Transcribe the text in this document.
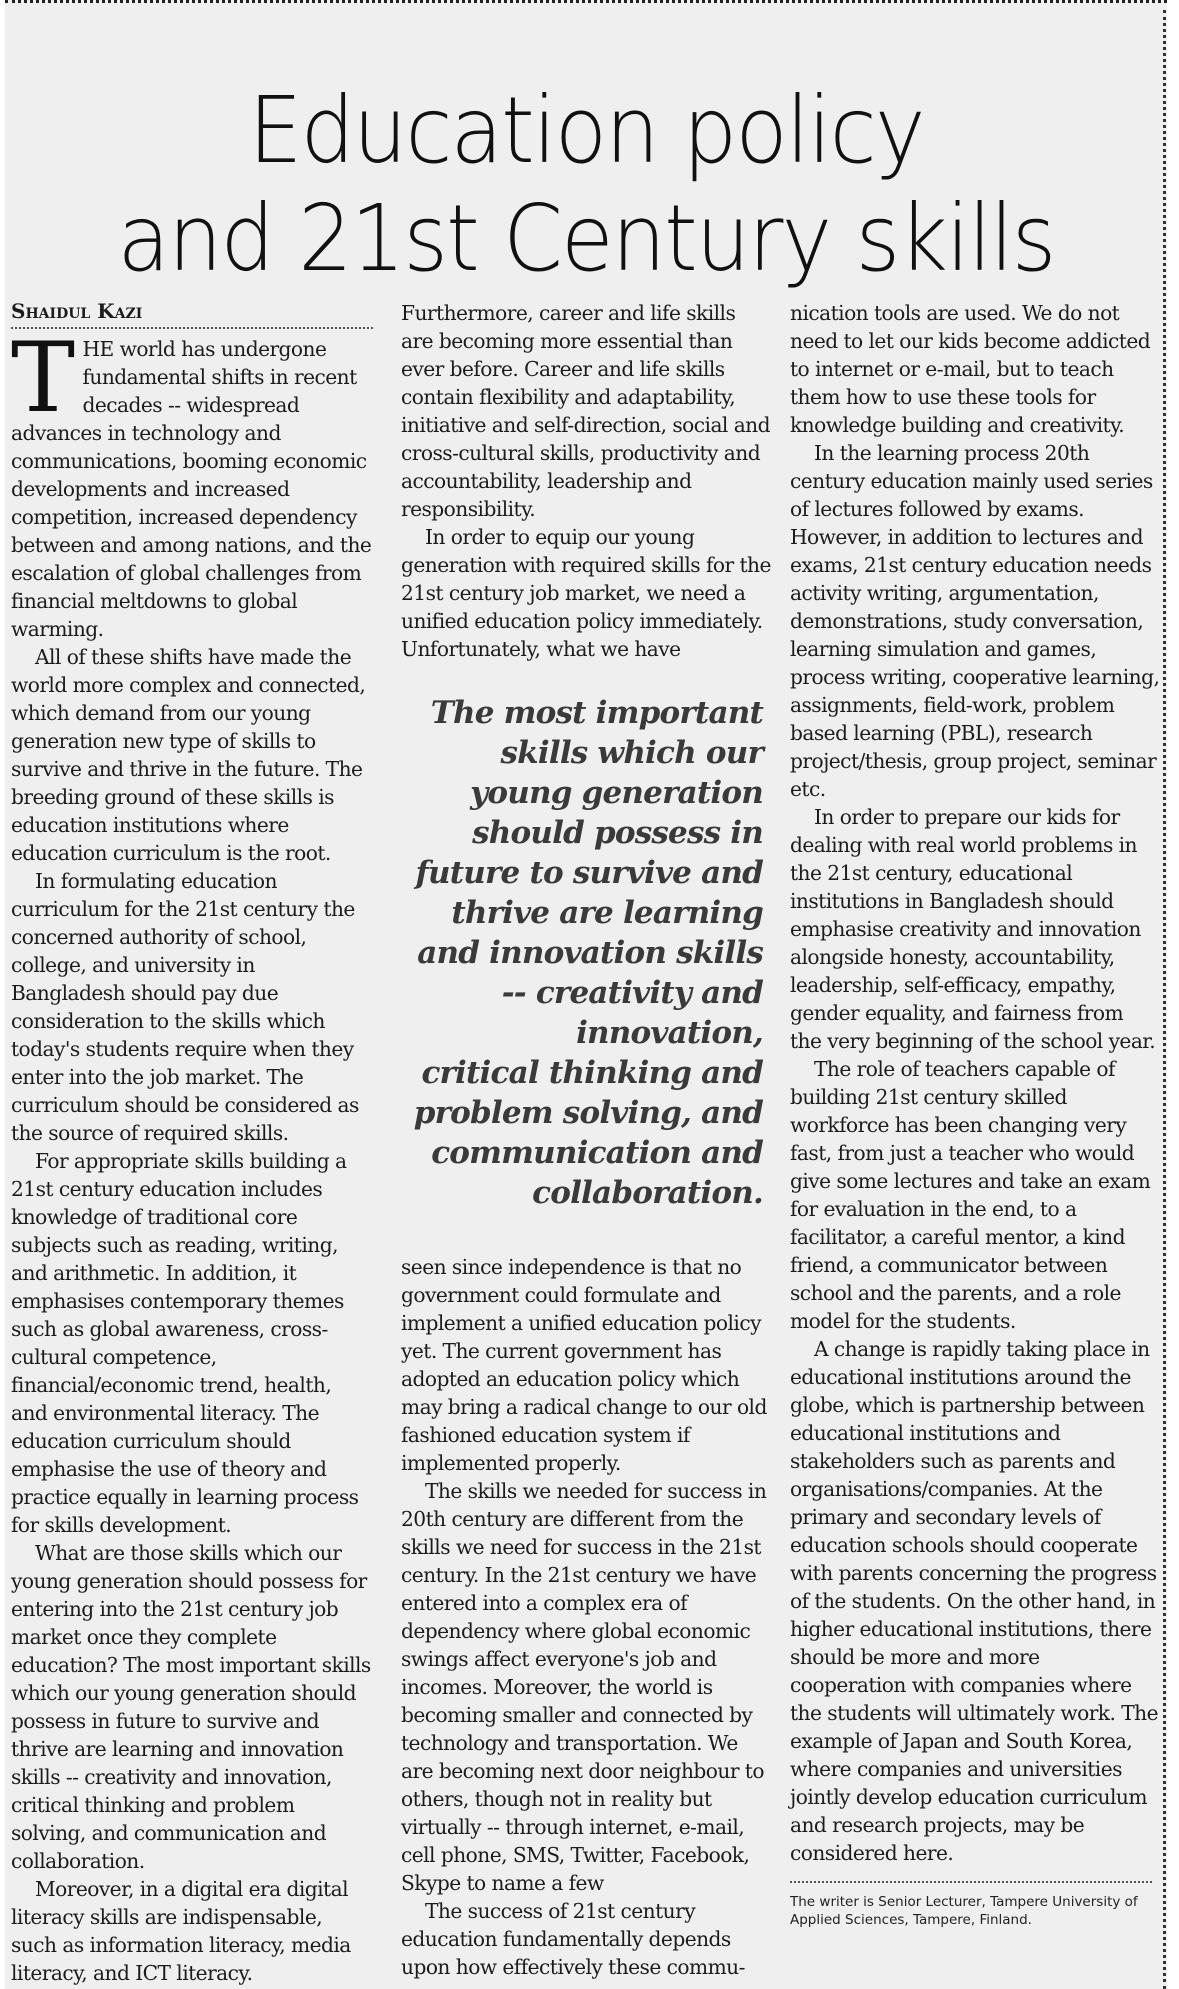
Education policy
and 21st Century skills
Shaidul Kazi

THE world has undergone fundamental shifts in recent decades -- widespread advances in technology and communications, booming economic developments and increased competition, increased dependency between and among nations, and the escalation of global challenges from financial meltdowns to global warming.

All of these shifts have made the world more complex and connected, which demand from our young generation new type of skills to survive and thrive in the future. The breeding ground of these skills is education institutions where education curriculum is the root.

In formulating education curriculum for the 21st century the concerned authority of school, college, and university in Bangladesh should pay due consideration to the skills which today's students require when they enter into the job market. The curriculum should be considered as the source of required skills.

For appropriate skills building a 21st century education includes knowledge of traditional core subjects such as reading, writing, and arithmetic. In addition, it emphasises contemporary themes such as global awareness, cross-cultural competence, financial/economic trend, health, and environmental literacy. The education curriculum should emphasise the use of theory and practice equally in learning process for skills development.

What are those skills which our young generation should possess for entering into the 21st century job market once they complete education? The most important skills which our young generation should possess in future to survive and thrive are learning and innovation skills -- creativity and innovation, critical thinking and problem solving, and communication and collaboration.

Moreover, in a digital era digital literacy skills are indispensable, such as information literacy, media literacy, and ICT literacy.

Furthermore, career and life skills are becoming more essential than ever before. Career and life skills contain flexibility and adaptability, initiative and self-direction, social and cross-cultural skills, productivity and accountability, leadership and responsibility.

In order to equip our young generation with required skills for the 21st century job market, we need a unified education policy immediately. Unfortunately, what we have

The most important
skills which our
young generation
should possess in
future to survive and
thrive are learning
and innovation skills
-- creativity and
innovation,
critical thinking and
problem solving, and
communication and
collaboration.

seen since independence is that no government could formulate and implement a unified education policy yet. The current government has adopted an education policy which may bring a radical change to our old fashioned education system if implemented properly.

The skills we needed for success in 20th century are different from the skills we need for success in the 21st century. In the 21st century we have entered into a complex era of dependency where global economic swings affect everyone's job and incomes. Moreover, the world is becoming smaller and connected by technology and transportation. We are becoming next door neighbour to others, though not in reality but virtually -- through internet, e-mail, cell phone, SMS, Twitter, Facebook, Skype to name a few

The success of 21st century education fundamentally depends upon how effectively these commu-

nication tools are used. We do not need to let our kids become addicted to internet or e-mail, but to teach them how to use these tools for knowledge building and creativity.

In the learning process 20th century education mainly used series of lectures followed by exams. However, in addition to lectures and exams, 21st century education needs activity writing, argumentation, demonstrations, study conversation, learning simulation and games, process writing, cooperative learning, assignments, field-work, problem based learning (PBL), research project/thesis, group project, seminar etc.

In order to prepare our kids for dealing with real world problems in the 21st century, educational institutions in Bangladesh should emphasise creativity and innovation alongside honesty, accountability, leadership, self-efficacy, empathy, gender equality, and fairness from the very beginning of the school year.

The role of teachers capable of building 21st century skilled workforce has been changing very fast, from just a teacher who would give some lectures and take an exam for evaluation in the end, to a facilitator, a careful mentor, a kind friend, a communicator between school and the parents, and a role model for the students.

A change is rapidly taking place in educational institutions around the globe, which is partnership between educational institutions and stakeholders such as parents and organisations/companies. At the primary and secondary levels of education schools should cooperate with parents concerning the progress of the students. On the other hand, in higher educational institutions, there should be more and more cooperation with companies where the students will ultimately work. The example of Japan and South Korea, where companies and universities jointly develop education curriculum and research projects, may be considered here.

The writer is Senior Lecturer, Tampere University of Applied Sciences, Tampere, Finland.
